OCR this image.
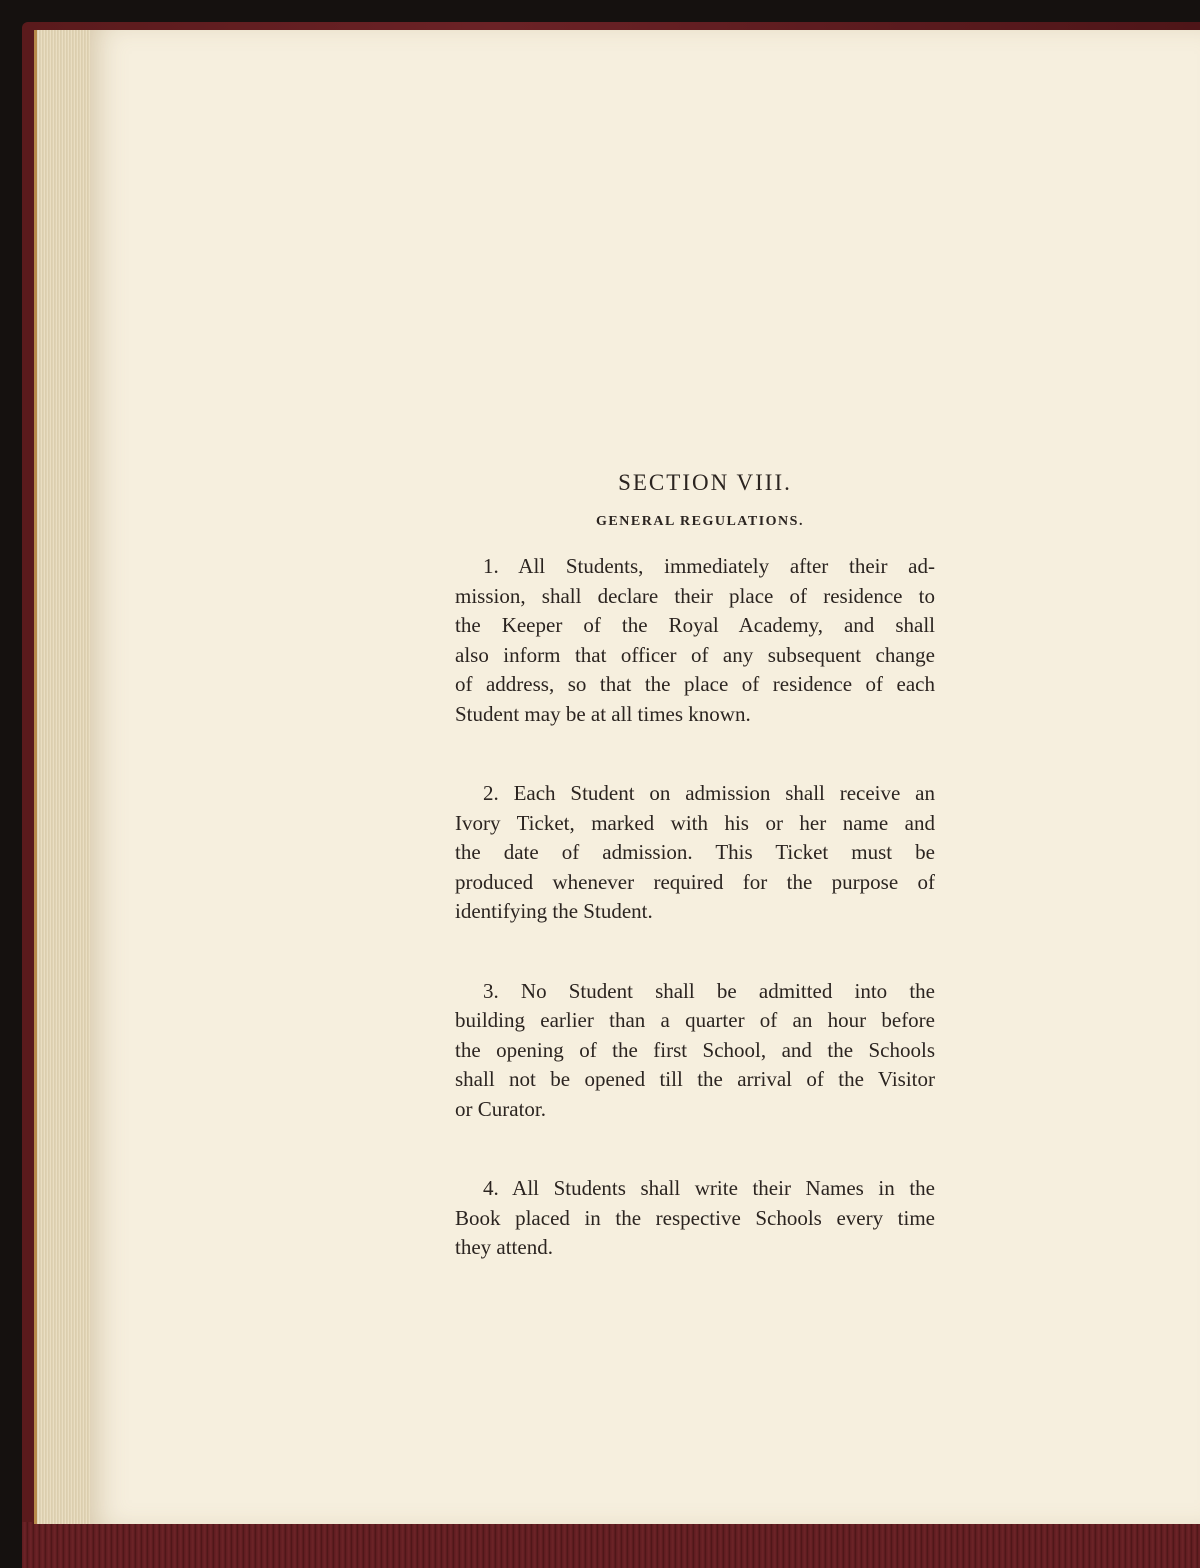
SECTION VIII.
GENERAL REGULATIONS.
1. All Students, immediately after their ad-
mission, shall declare their place of residence to
the Keeper of the Royal Academy, and shall
also inform that officer of any subsequent change
of address, so that the place of residence of each
Student may be at all times known.
2. Each Student on admission shall receive an
Ivory Ticket, marked with his or her name and
the date of admission. This Ticket must be
produced whenever required for the purpose of
identifying the Student.
3. No Student shall be admitted into the
building earlier than a quarter of an hour before
the opening of the first School, and the Schools
shall not be opened till the arrival of the Visitor
or Curator.
4. All Students shall write their Names in the
Book placed in the respective Schools every time
they attend.
